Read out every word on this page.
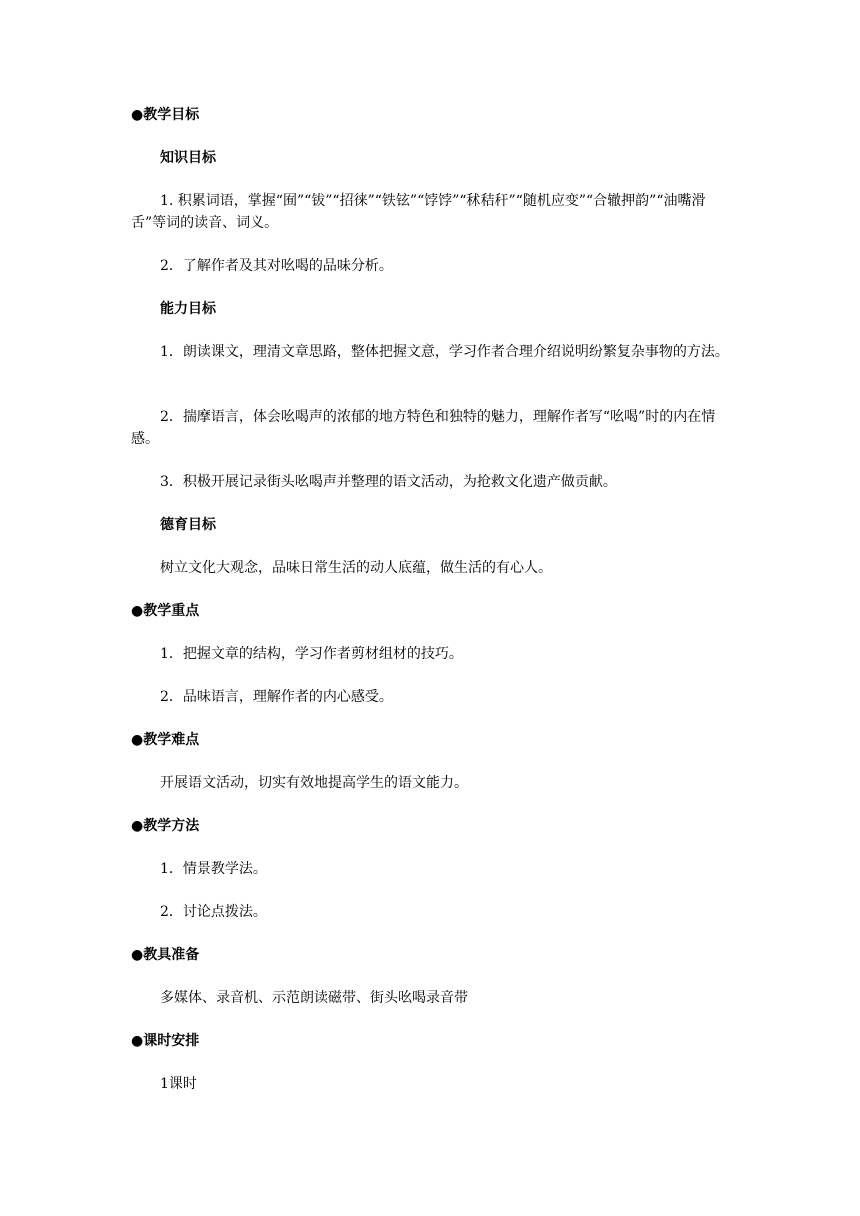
●教学目标

知识目标

1. 积累词语，掌握“囿”“钹”“招徕”“铁铉”“饽饽”“秫秸秆”“随机应变”“合辙押韵”“油嘴滑舌”等词的读音、词义。

2．了解作者及其对吆喝的品味分析。

能力目标

1．朗读课文，理清文章思路，整体把握文意，学习作者合理介绍说明纷繁复杂事物的方法。

2．揣摩语言，体会吆喝声的浓郁的地方特色和独特的魅力，理解作者写“吆喝”时的内在情感。

3．积极开展记录街头吆喝声并整理的语文活动，为抢救文化遗产做贡献。

德育目标

树立文化大观念，品味日常生活的动人底蕴，做生活的有心人。

●教学重点

1．把握文章的结构，学习作者剪材组材的技巧。

2．品味语言，理解作者的内心感受。

●教学难点

开展语文活动，切实有效地提高学生的语文能力。

●教学方法

1．情景教学法。

2．讨论点拨法。

●教具准备

多媒体、录音机、示范朗读磁带、街头吆喝录音带

●课时安排

1课时
